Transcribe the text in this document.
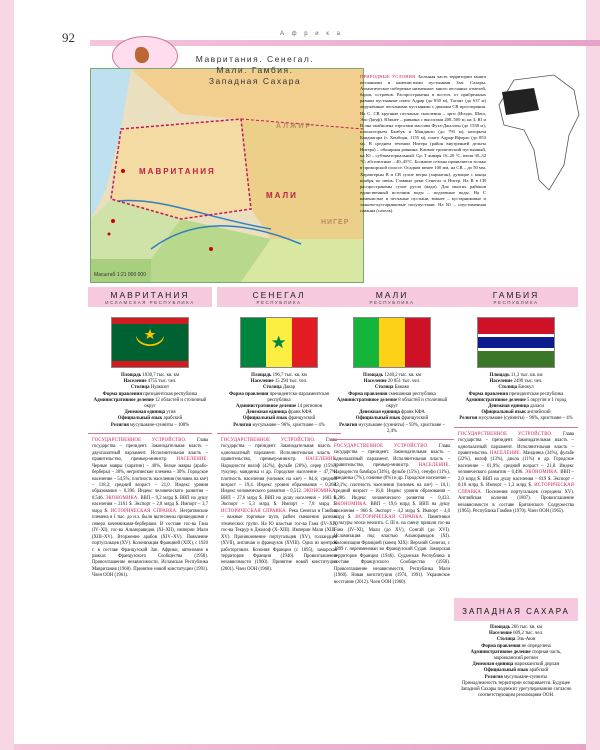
92	А ф р и к а
АЛЖИР
МАВРИТАНИЯ
МАЛИ
НИГЕР
Масштаб 1:21 000 000
Мавритания. Сенегал. Мали. Гамбия.
Западная Сахара	ПРИРОДНЫЕ УСЛОВИЯ. Большая часть территории занята песчаными и каменистыми пустынями Зап. Сахары. Атлантическое побережье низменное: много песчаных отмелей, баров, островов. Распространены в восточ. от прибрежных равнин пустынные плато Адрар (до 830 м), Тагант (до 637 м) окружённые песчаными пустынями с дюнами СВ простирания. На С, СВ крупные песчаные скопления – эрги (Игиди, Шеш, Эль-Джуф). Южнее – равнина с высотами 200–500 м; на З, Ю и В она окаймлена отрогами массива Фута-Джаллон (до 1538 м), плоскогорьем Бамбук и Мандинго (до 793 м), нагорьем Бандиагара (г. Хомбори, 1155 м), плато Адрар-Ифорас (до 853 м). В среднем течении Нигера (район внутренней дельты Нигера) – обширная равнина. Климат тропический пустынный, на Ю – субэкваториальный. Ср. Т января 16–20 °C, июля 30–32 °C; абсолютные – 40–45°C. Большие сезоны проявляется только в приморской полосе. Осадков менее 100 мм, на СВ – до 50 мм. Характерны В и СВ сухие ветры (харматан), дующие с конца ноября по июнь. Главные реки Сенегал и Нигер. На В в СВ распространены сухие русла (вади). Для многих районов единственный источник воды – подземные воды. На С каменистые и песчаные пустыни, южнее – кустарниковые и злаково-кустарниковые полупустыни. На Ю – опустыненная саванна (сахель).
МАВРИТАНИЯ
ИСЛАМСКАЯ РЕСПУБЛИКА
Площадь 1030,7 тыс. кв. км
Население 4755 тыс. чел.
Столица Нуакшот
Форма правления президентская республика
Административное деление 12 областей и столичный округ
Денежная единица угия
Официальный язык арабский
Религия мусульмане-сунниты – 100%
ГОСУДАРСТВЕННОЕ УСТРОЙСТВО. Глава государства – президент. Законодательная власть – двухпалатный парламент. Исполнительная власть – правительство, премьер-министр. НАСЕЛЕНИЕ. Черные мавры (харатин) – 40%, белые мавры (арабо-берберы) – 30%, негритянские племена – 30%. Городское население – 54,5%; плотность населения (человек на км²) – 118,3; средний возраст – 21,0. Индекс уровня образования – 0,396. Индекс человеческого развития – 0,546. ЭКОНОМИКА. ВВП – 9,2 млрд $. ВВП на душу населения – 2161 $. Экспорт – 2,8 млрд $. Импорт – 3,7 млрд $. ИСТОРИЧЕСКАЯ СПРАВКА. Негритянские племена в I тыс. до н.э. были вытеснены пришедшими с севера кочевниками-берберами. В составе гос-ва Гана (IV–XI), гос-ва Альморавидов (XI–XII), империи Мали (XIII–XV). Вторжение арабов (XIV–XV). Появление португальцев (XV). Колонизация Францией (XIX), с 1920 г. в составе Французской Зап. Африки, автономия в рамках Французского Сообщества (1958). Провозглашение независимости, Исламская Республика Мавритания (1960). Принятие новой конституции (1991). Член ООН (1961).
СЕНЕГАЛ
РЕСПУБЛИКА
Площадь 196,7 тыс. кв. км
Население 15 294 тыс. чел.
Столица Дакар
Форма правления президентско-парламентская республика
Административное деление 14 регионов
Денежная единица франк КФА
Официальный язык французский
Религия мусульмане – 96%, христиане – 4%
ГОСУДАРСТВЕННОЕ УСТРОЙСТВО. Глава государства – президент. Законодательная власть – однопалатный парламент. Исполнительная власть – правительство, премьер-министр. НАСЕЛЕНИЕ. Народности волоф (42%), фульбе (28%), серер (15%), тукулер, мандинка и др. Городское население – 47,7%; плотность населения (человек на км²) – 84,6; средний возраст – 19,4. Индекс уровня образования – 0,368. Индекс человеческого развития – 0,512. ЭКОНОМИКА. ВВП – 27,6 млрд $. ВВП на душу населения – 1603 $. Экспорт – 5,3 млрд $. Импорт – 7,8 млрд $. ИСТОРИЧЕСКАЯ СПРАВКА. Река Сенегал в Гамбии – важные торговые пути, район смешения разных этнических групп. На Ю властью гос-ва Гана (IV–XI), гос-ва Текрур в Джолоф (X–XIII). Империи Мали (XIII–XV). Проникновение португальцев (XV), голландцев (XVII), англичан и французов (XVIII). Одна из центров работорговли. Колония Франции (с 1895), заморская территория Франции (1946). Провозглашение независимости (1960). Принятие новой конституции (2001). Член ООН (1960).
МАЛИ
РЕСПУБЛИКА
Площадь 1240,2 тыс. кв. км
Население 20 851 тыс. чел.
Столица Бамако
Форма правления смешанная республика
Административное деление 8 областей и столичный округ
Денежная единица франк КФА
Официальный язык французский
Религия мусульмане (сунниты) – 93%, христиане – 2,4%
ГОСУДАРСТВЕННОЕ УСТРОЙСТВО. Глава государства – президент. Законодательная власть – однопалатный парламент. Исполнительная власть – правительство, премьер-министр. НАСЕЛЕНИЕ. Народности бамбара (34%), фульбе (15%), сенуфо (11%), мандинка (7%), сонинке (8%) и др. Городское население – 43,1%; плотность населения (человек на км²) – 16,1; средний возраст – 16,0. Индекс уровня образования – 0,286. Индекс человеческого развития – 0,433. ЭКОНОМИКА. ВВП – 19,6 млрд $. ВВП на душу населения – 966 $. Экспорт – 4,2 млрд $. Импорт – 4,0 млрд $. ИСТОРИЧЕСКАЯ СПРАВКА. Памятники культуры эпохи неолита. С III в. на смену пришли гос-ва Гана (IV–XI), Мали (до XV), Сонгай (до XVI). Исламизация под властью Альморавидов (XI). Колонизация Францией (конец XIX): Верхний Сенегал, с 1899 г. переименован во Французский Судан. Заморская территория Франции (1946). Суданская Республика в составе Французского Сообщества (1958). Провозглашение независимости, Республика Мали (1960). Новая конституция (1974, 1991). Украинское восстание (2012). Член ООН (1960).
ГАМБИЯ
РЕСПУБЛИКА
Площадь 11,3 тыс. кв. км
Население 2499 тыс. чел.
Столица Банжул
Форма правления президентская республика
Административное деление 5 округов и 1 город
Денежная единица даласи
Официальный язык английский
Религия мусульмане (сунниты) – 96%, христиане – 4%
ГОСУДАРСТВЕННОЕ УСТРОЙСТВО. Глава государства – президент. Законодательная власть – однопалатный парламент. Исполнительная власть – правительство. НАСЕЛЕНИЕ. Мандинка (34%), фульбе (22%), волоф (13%), диола (11%) и др. Городское население – 61,9%; средний возраст – 21,8. Индекс человеческого развития – 0,496. ЭКОНОМИКА. ВВП – 2,0 млрд $. ВВП на душу населения – 819 $. Экспорт – 0,18 млрд $. Импорт – 1,3 млрд $. ИСТОРИЧЕСКАЯ СПРАВКА. Поселения португальцев (середина XV). Английская колония (1807). Провозглашение независимости в составе Британского Содружества (1965). Республика Гамбия (1970). Член ООН (1965).
ЗАПАДНАЯ САХАРА
Площадь 266 тыс. кв. км
Население 609,2 тыс. чел.
Столица Эль-Аюн
Форма правления не определена
Административное деление спорная часть, марокканский регион
Денежная единица марокканский дирхам
Официальный язык арабский
Религия мусульмане-сунниты
Принадлежность территории оспаривается. Будущее Западной Сахары подлежит урегулированию согласно соответствующим резолюциям ООН.
